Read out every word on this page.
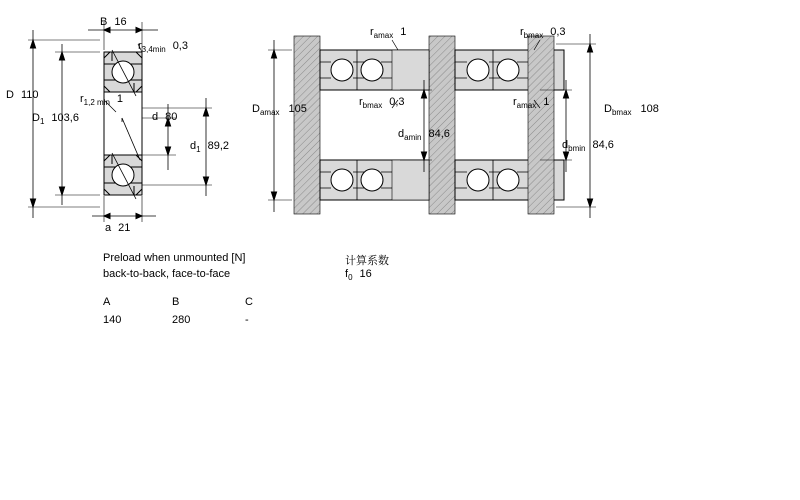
B 16
$r_{3,4min}$ 0,3
D 110
$D_1$ 103,6
$r_{1,2 min}$ 1
d 80
$d_1$ 89,2
a 21
$r_{amax}$ 1	$r_{bmax}$ 0,3
$D_{amax}$ 105
$r_{bmax}$ 0,3	$r_{amax}$ 1
$D_{bmax}$ 108
$d_{amin}$ 84,6
$d_{bmin}$ 84,6
Preload when unmounted [N]
back-to-back, face-to-face
A	B	C
140	280	-
计算系数
$f_0$ 16
